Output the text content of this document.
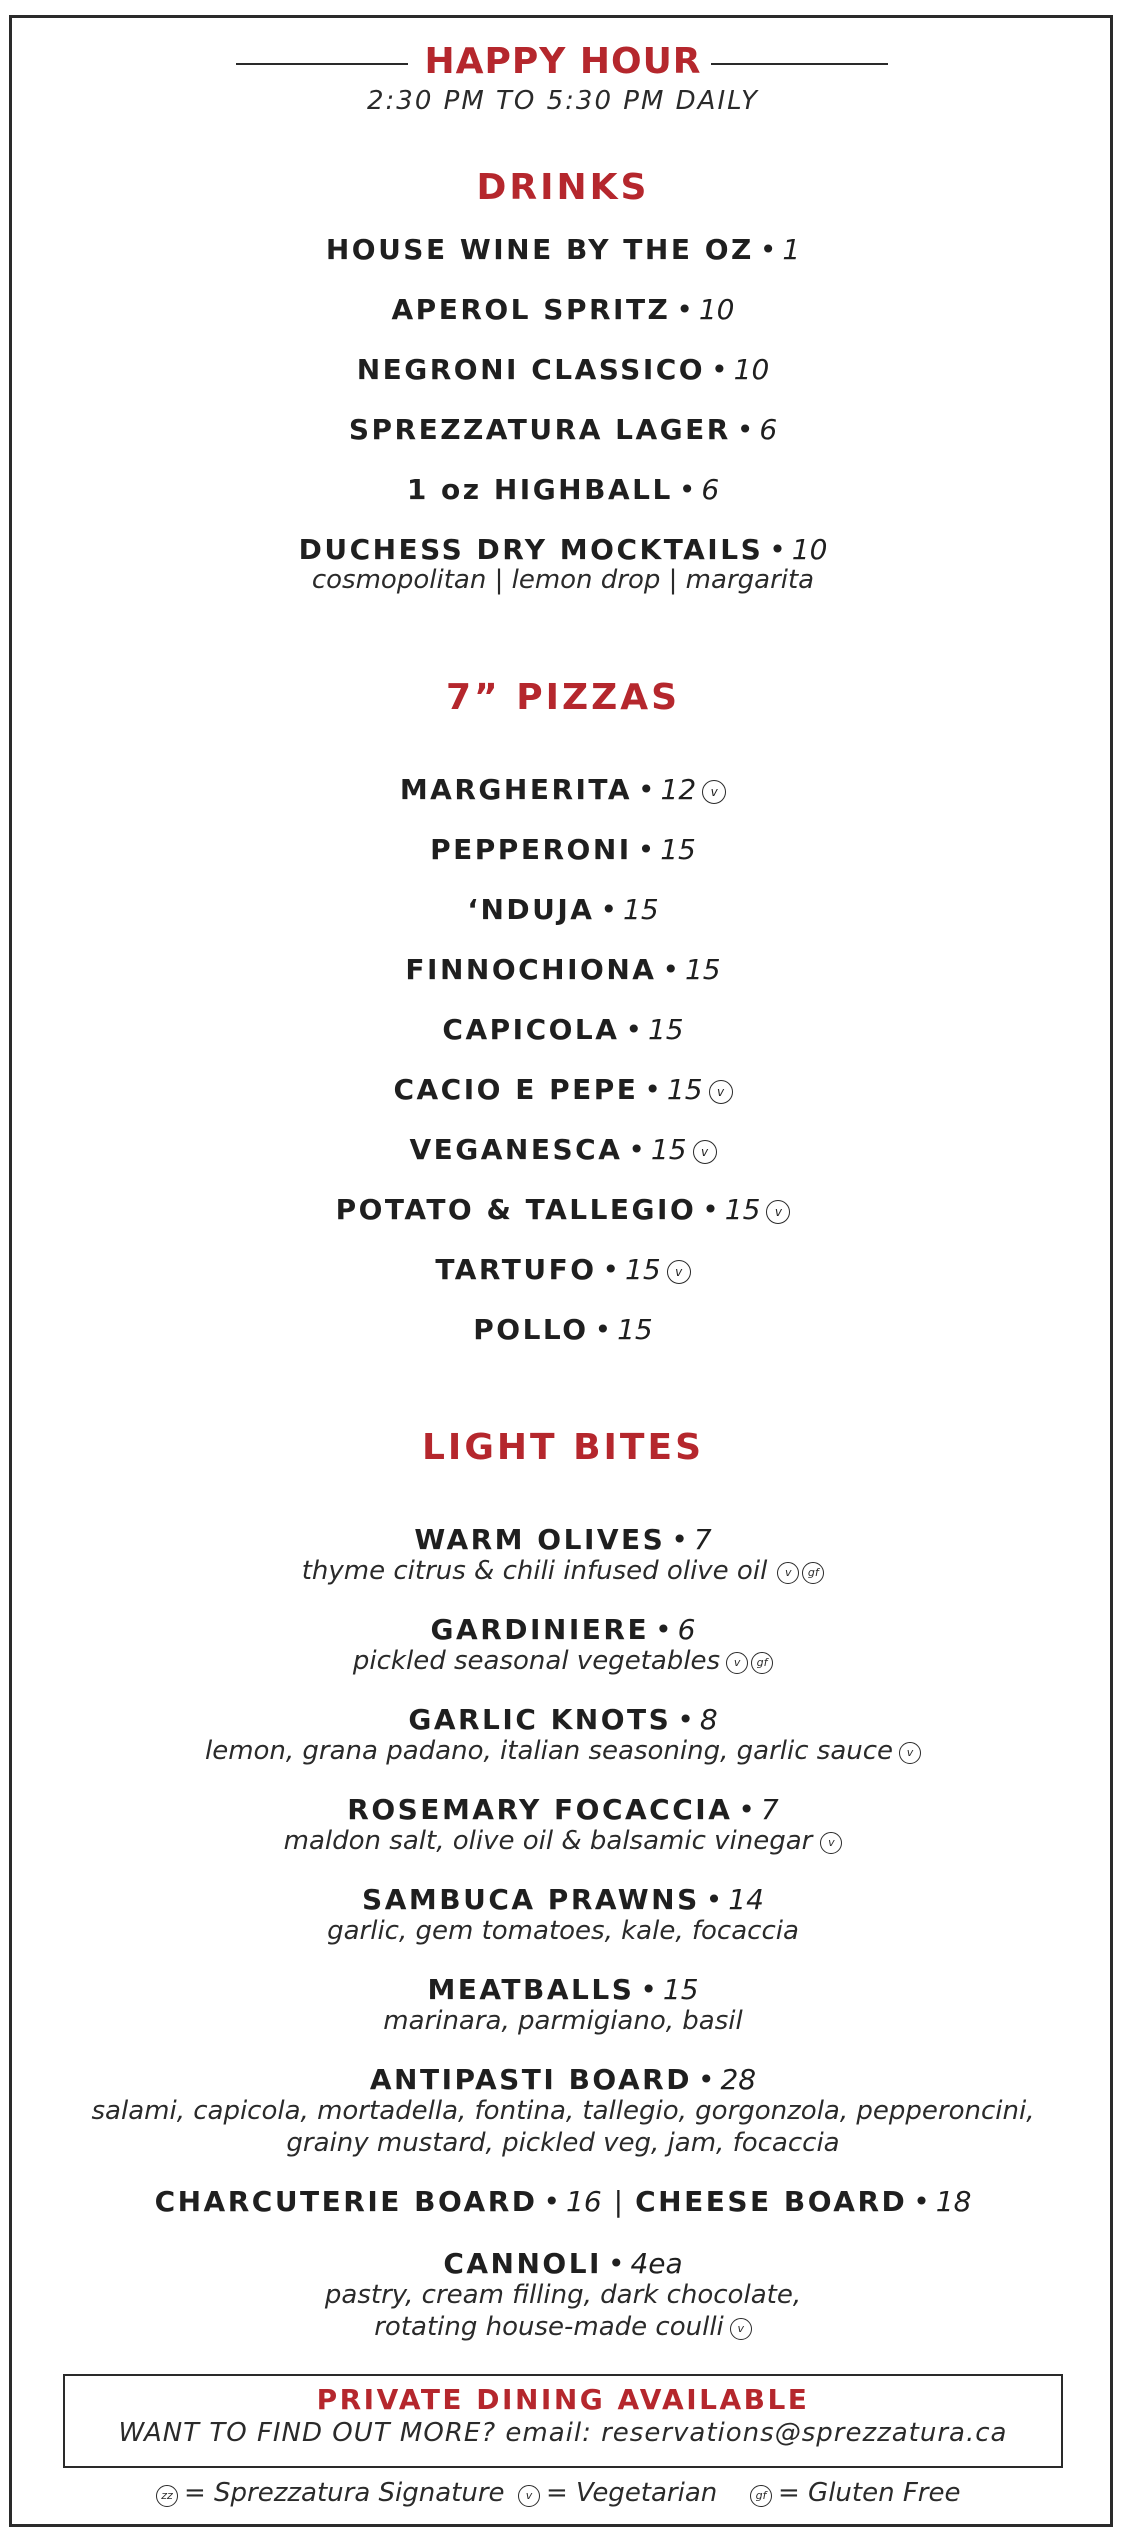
HAPPY HOUR
2:30 PM TO 5:30 PM DAILY
DRINKS
HOUSE WINE BY THE OZ • 1
APEROL SPRITZ • 10
NEGRONI CLASSICO • 10
SPREZZATURA LAGER • 6
1 oz HIGHBALL • 6
DUCHESS DRY MOCKTAILS • 10
cosmopolitan | lemon drop | margarita
7” PIZZAS
MARGHERITA • 12 v
PEPPERONI • 15
‘NDUJA • 15
FINNOCHIONA • 15
CAPICOLA • 15
CACIO E PEPE • 15 v
VEGANESCA • 15 v
POTATO & TALLEGIO • 15 v
TARTUFO • 15 v
POLLO • 15
LIGHT BITES
WARM OLIVES • 7
thyme citrus & chili infused olive oil v gf
GARDINIERE • 6
pickled seasonal vegetables v gf
GARLIC KNOTS • 8
lemon, grana padano, italian seasoning, garlic sauce v
ROSEMARY FOCACCIA • 7
maldon salt, olive oil & balsamic vinegar v
SAMBUCA PRAWNS • 14
garlic, gem tomatoes, kale, focaccia
MEATBALLS • 15
marinara, parmigiano, basil
ANTIPASTI BOARD • 28
salami, capicola, mortadella, fontina, tallegio, gorgonzola, pepperoncini,
grainy mustard, pickled veg, jam, focaccia
CHARCUTERIE BOARD • 16 | CHEESE BOARD • 18
CANNOLI • 4ea
pastry, cream filling, dark chocolate,
rotating house-made coulli v
PRIVATE DINING AVAILABLE
WANT TO FIND OUT MORE? email: reservations@sprezzatura.ca
zz = Sprezzatura Signature	v = Vegetarian	gf = Gluten Free
